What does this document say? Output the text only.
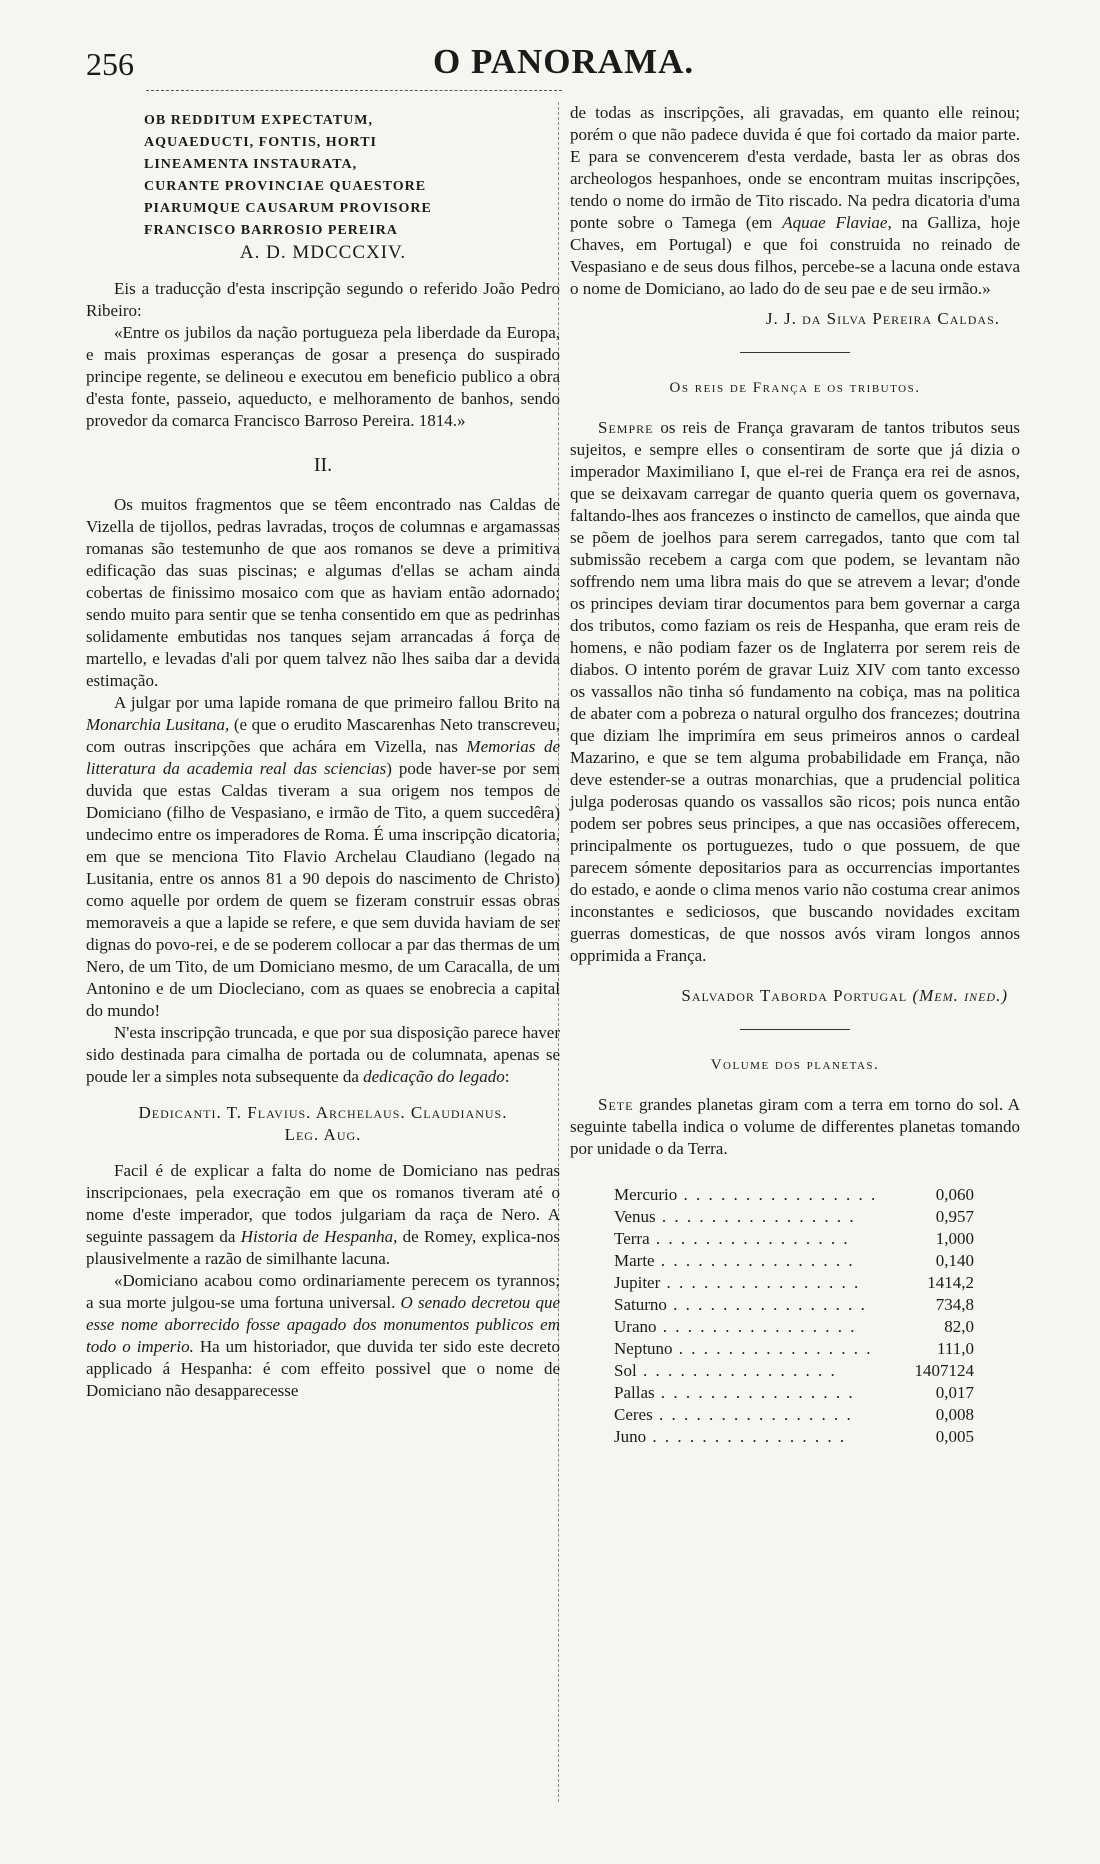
256	O PANORAMA.

OB REDDITUM EXPECTATUM,

AQUAEDUCTI, FONTIS, HORTI

LINEAMENTA INSTAURATA,

CURANTE PROVINCIAE QUAESTORE

PIARUMQUE CAUSARUM PROVISORE

FRANCISCO BARROSIO PEREIRA

A. D. MDCCCXIV.

Eis a traducção d'esta inscripção segundo o referido João Pedro Ribeiro:

«Entre os jubilos da nação portugueza pela liberdade da Europa, e mais proximas esperanças de gosar a presença do suspirado principe regente, se delineou e executou em beneficio publico a obra d'esta fonte, passeio, aqueducto, e melhoramento de banhos, sendo provedor da comarca Francisco Barroso Pereira. 1814.»

II.

Os muitos fragmentos que se têem encontrado nas Caldas de Vizella de tijollos, pedras lavradas, troços de columnas e argamassas romanas são testemunho de que aos romanos se deve a primitiva edificação das suas piscinas; e algumas d'ellas se acham ainda cobertas de finissimo mosaico com que as haviam então adornado; sendo muito para sentir que se tenha consentido em que as pedrinhas solidamente embutidas nos tanques sejam arrancadas á força de martello, e levadas d'ali por quem talvez não lhes saiba dar a devida estimação.

A julgar por uma lapide romana de que primeiro fallou Brito na Monarchia Lusitana, (e que o erudito Mascarenhas Neto transcreveu, com outras inscripções que achára em Vizella, nas Memorias de litteratura da academia real das sciencias) pode haver-se por sem duvida que estas Caldas tiveram a sua origem nos tempos de Domiciano (filho de Vespasiano, e irmão de Tito, a quem succedêra) undecimo entre os imperadores de Roma. É uma inscripção dicatoria, em que se menciona Tito Flavio Archelau Claudiano (legado na Lusitania, entre os annos 81 a 90 depois do nascimento de Christo) como aquelle por ordem de quem se fizeram construir essas obras memoraveis a que a lapide se refere, e que sem duvida haviam de ser dignas do povo-rei, e de se poderem collocar a par das thermas de um Nero, de um Tito, de um Domiciano mesmo, de um Caracalla, de um Antonino e de um Diocleciano, com as quaes se enobrecia a capital do mundo!

N'esta inscripção truncada, e que por sua disposição parece haver sido destinada para cimalha de portada ou de columnata, apenas se poude ler a simples nota subsequente da dedicação do legado:

Dedicanti. T. Flavius. Archelaus. Claudianus.
Leg. Aug.

Facil é de explicar a falta do nome de Domiciano nas pedras inscripcionaes, pela execração em que os romanos tiveram até o nome d'este imperador, que todos julgariam da raça de Nero. A seguinte passagem da Historia de Hespanha, de Romey, explica-nos plausivelmente a razão de similhante lacuna.

«Domiciano acabou como ordinariamente perecem os tyrannos; a sua morte julgou-se uma fortuna universal. O senado decretou que esse nome aborrecido fosse apagado dos monumentos publicos em todo o imperio. Ha um historiador, que duvida ter sido este decreto applicado á Hespanha: é com effeito possivel que o nome de Domiciano não desapparecesse

de todas as inscripções, ali gravadas, em quanto elle reinou; porém o que não padece duvida é que foi cortado da maior parte. E para se convencerem d'esta verdade, basta ler as obras dos archeologos hespanhoes, onde se encontram muitas inscripções, tendo o nome do irmão de Tito riscado. Na pedra dicatoria d'uma ponte sobre o Tamega (em Aquae Flaviae, na Galliza, hoje Chaves, em Portugal) e que foi construida no reinado de Vespasiano e de seus dous filhos, percebe-se a lacuna onde estava o nome de Domiciano, ao lado do de seu pae e de seu irmão.»

J. J. da Silva Pereira Caldas.

Os reis de França e os tributos.

Sempre os reis de França gravaram de tantos tributos seus sujeitos, e sempre elles o consentiram de sorte que já dizia o imperador Maximiliano I, que el-rei de França era rei de asnos, que se deixavam carregar de quanto queria quem os governava, faltando-lhes aos francezes o instincto de camellos, que ainda que se põem de joelhos para serem carregados, tanto que com tal submissão recebem a carga com que podem, se levantam não soffrendo nem uma libra mais do que se atrevem a levar; d'onde os principes deviam tirar documentos para bem governar a carga dos tributos, como faziam os reis de Hespanha, que eram reis de homens, e não podiam fazer os de Inglaterra por serem reis de diabos. O intento porém de gravar Luiz XIV com tanto excesso os vassallos não tinha só fundamento na cobiça, mas na politica de abater com a pobreza o natural orgulho dos francezes; doutrina que diziam lhe imprimíra em seus primeiros annos o cardeal Mazarino, e que se tem alguma probabilidade em França, não deve estender-se a outras monarchias, que a prudencial politica julga poderosas quando os vassallos são ricos; pois nunca então podem ser pobres seus principes, a que nas occasiões offerecem, principalmente os portuguezes, tudo o que possuem, de que parecem sómente depositarios para as occurrencias importantes do estado, e aonde o clima menos vario não costuma crear animos inconstantes e sediciosos, que buscando novidades excitam guerras domesticas, de que nossos avós viram longos annos opprimida a França.

Salvador Taborda Portugal (Mem. ined.)

Volume dos planetas.

Sete grandes planetas giram com a terra em torno do sol. A seguinte tabella indica o volume de differentes planetas tomando por unidade o da Terra.

Mercurio . . .	0,060
Venus . . .	0,957
Terra . . .	1,000
Marte . . .	0,140
Jupiter . . .	1414,2
Saturno . . .	734,8
Urano . . .	82,0
Neptuno . . .	111,0
Sol . . .	1407124
Pallas . . .	0,017
Ceres . . .	0,008
Juno . . .	0,005
